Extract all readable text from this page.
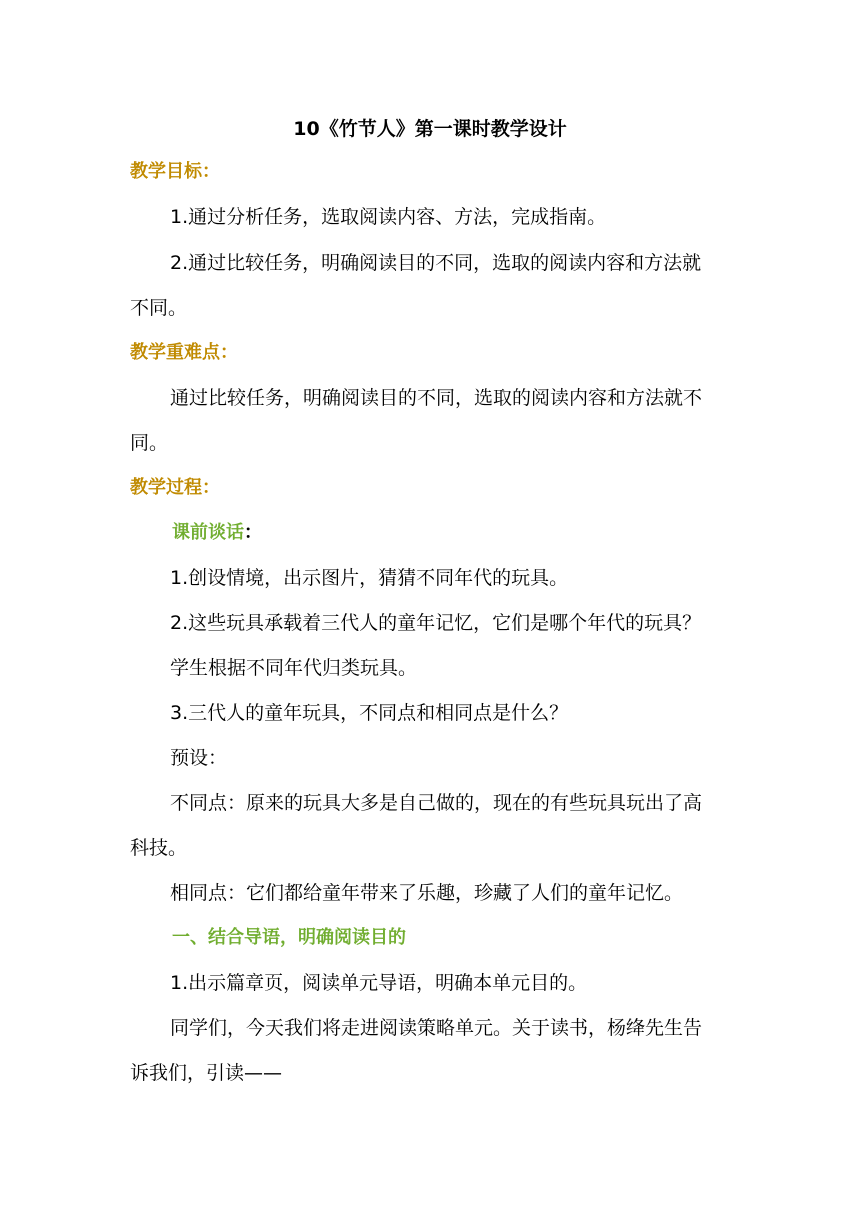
10《竹节人》第一课时教学设计
教学目标：
1.通过分析任务，选取阅读内容、方法，完成指南。
2.通过比较任务，明确阅读目的不同，选取的阅读内容和方法就
不同。
教学重难点：
通过比较任务，明确阅读目的不同，选取的阅读内容和方法就不
同。
教学过程：
课前谈话：
1.创设情境，出示图片，猜猜不同年代的玩具。
2.这些玩具承载着三代人的童年记忆，它们是哪个年代的玩具？
学生根据不同年代归类玩具。
3.三代人的童年玩具，不同点和相同点是什么？
预设：
不同点：原来的玩具大多是自己做的，现在的有些玩具玩出了高
科技。
相同点：它们都给童年带来了乐趣，珍藏了人们的童年记忆。
一、结合导语，明确阅读目的
1.出示篇章页，阅读单元导语，明确本单元目的。
同学们，今天我们将走进阅读策略单元。关于读书，杨绛先生告
诉我们，引读——
